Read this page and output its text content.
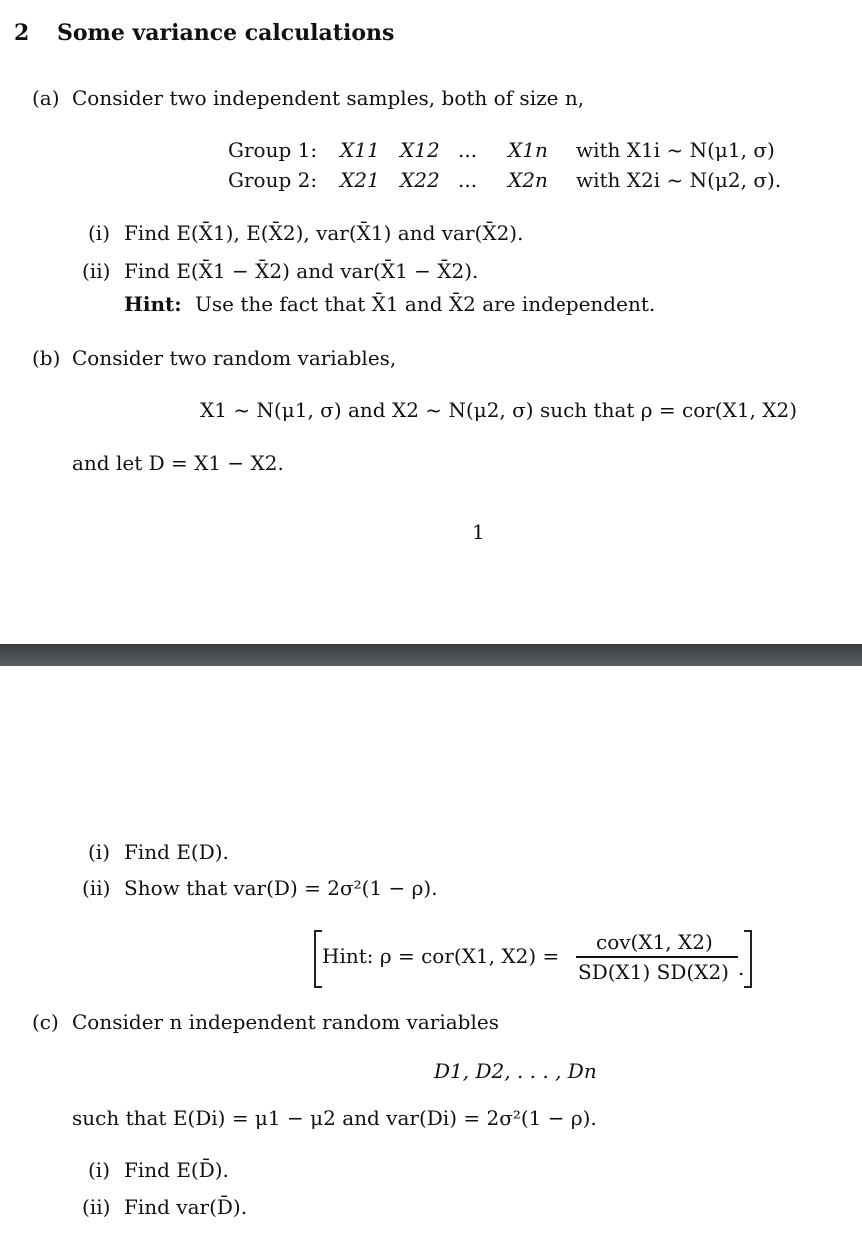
2 Some variance calculations
(a) Consider two independent samples, both of size n,
Group 1: X11 X12 ... X1n with X1i ~ N(μ1, σ)
Group 2: X21 X22 ... X2n with X2i ~ N(μ2, σ).
(i) Find E(X̄1), E(X̄2), var(X̄1) and var(X̄2).
(ii) Find E(X̄1 − X̄2) and var(X̄1 − X̄2).
Hint: Use the fact that X̄1 and X̄2 are independent.
(b) Consider two random variables,
X1 ~ N(μ1, σ) and X2 ~ N(μ2, σ) such that ρ = cor(X1, X2)
and let D = X1 − X2.
1
(i) Find E(D).
(ii) Show that var(D) = 2σ²(1 − ρ).
Hint: ρ = cor(X1, X2) =
cov(X1, X2)
SD(X1) SD(X2) .
(c) Consider n independent random variables
D1, D2, . . . , Dn
such that E(Di) = μ1 − μ2 and var(Di) = 2σ²(1 − ρ).
(i) Find E(D̄).
(ii) Find var(D̄).
